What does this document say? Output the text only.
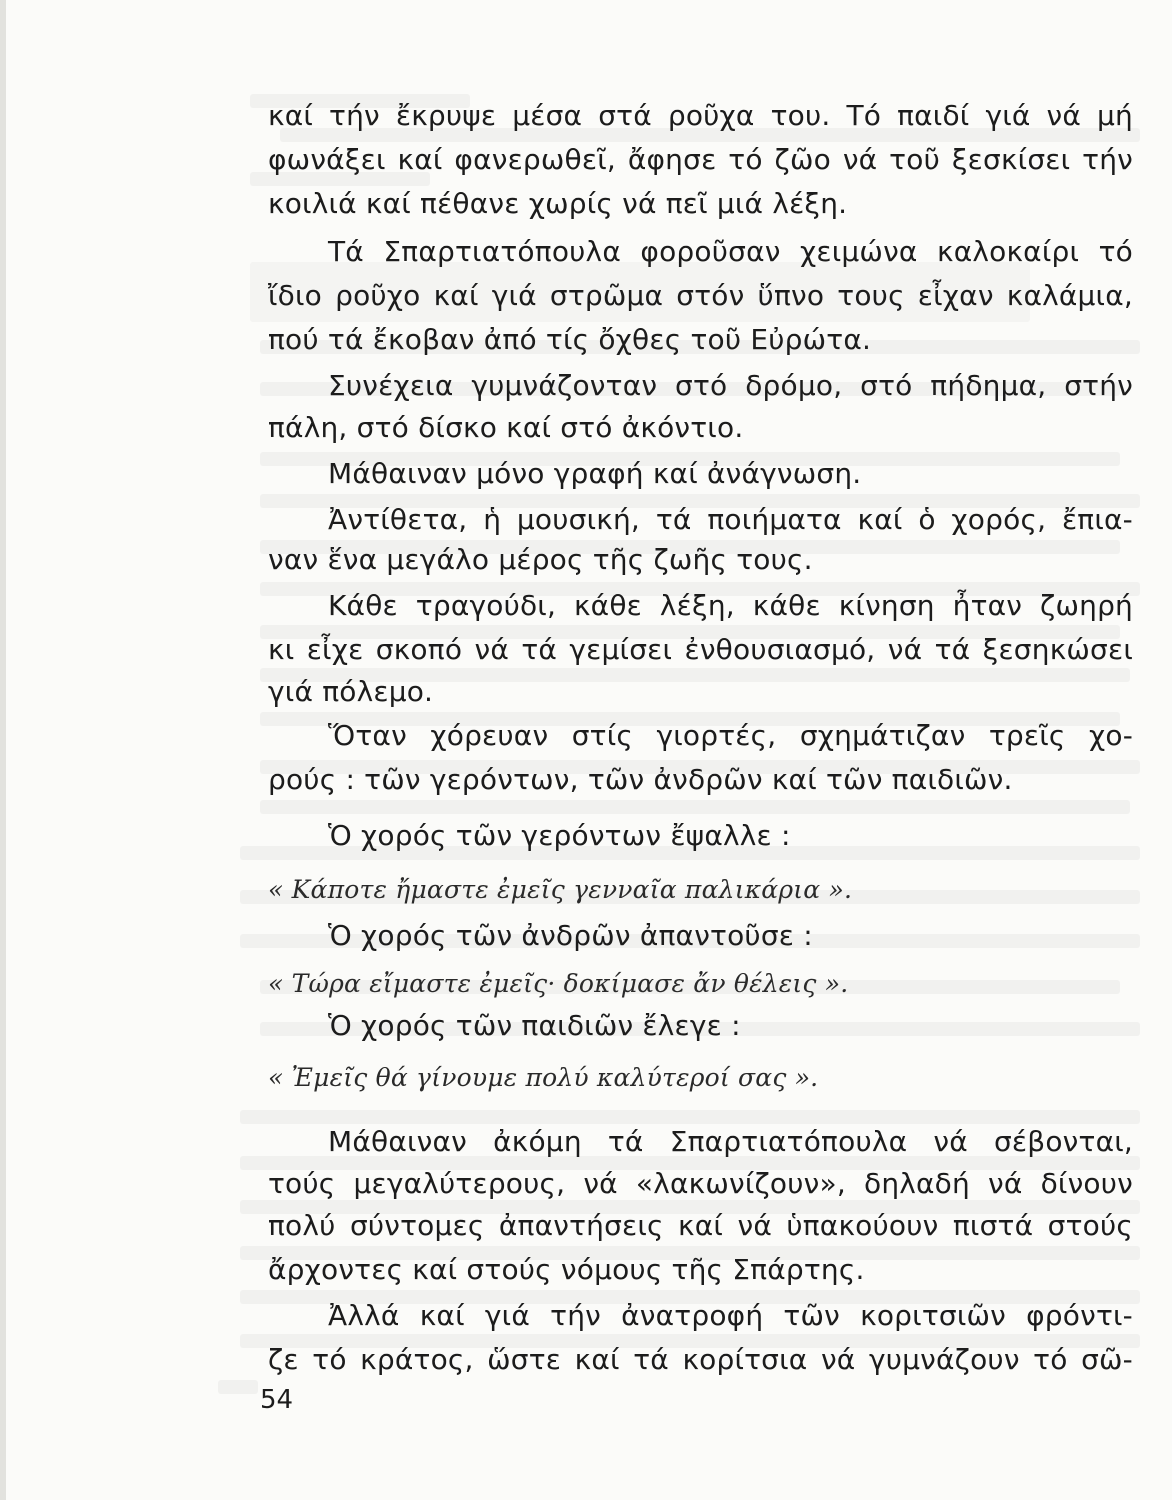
καί τήν ἔκρυψε μέσα στά ροῦχα του. Τό παιδί γιά νά μή
φωνάξει καί φανερωθεῖ, ἄφησε τό ζῶο νά τοῦ ξεσκίσει τήν
κοιλιά καί πέθανε χωρίς νά πεῖ μιά λέξη.
Τά Σπαρτιατόπουλα φοροῦσαν χειμώνα καλοκαίρι τό
ἴδιο ροῦχο καί γιά στρῶμα στόν ὕπνο τους εἶχαν καλάμια,
πού τά ἔκοβαν ἀπό τίς ὄχθες τοῦ Εὐρώτα.
Συνέχεια γυμνάζονταν στό δρόμο, στό πήδημα, στήν
πάλη, στό δίσκο καί στό ἀκόντιο.
Μάθαιναν μόνο γραφή καί ἀνάγνωση.
Ἀντίθετα, ἡ μουσική, τά ποιήματα καί ὁ χορός, ἔπια-
ναν ἕνα μεγάλο μέρος τῆς ζωῆς τους.
Κάθε τραγούδι, κάθε λέξη, κάθε κίνηση ἦταν ζωηρή
κι εἶχε σκοπό νά τά γεμίσει ἐνθουσιασμό, νά τά ξεσηκώσει
γιά πόλεμο.
Ὅταν χόρευαν στίς γιορτές, σχημάτιζαν τρεῖς χο-
ρούς : τῶν γερόντων, τῶν ἀνδρῶν καί τῶν παιδιῶν.
Ὁ χορός τῶν γερόντων ἔψαλλε :
« Κάποτε ἤμαστε ἐμεῖς γενναῖα παλικάρια ».
Ὁ χορός τῶν ἀνδρῶν ἀπαντοῦσε :
« Τώρα εἴμαστε ἐμεῖς· δοκίμασε ἄν θέλεις ».
Ὁ χορός τῶν παιδιῶν ἔλεγε :
« Ἐμεῖς θά γίνουμε πολύ καλύτεροί σας ».
Μάθαιναν ἀκόμη τά Σπαρτιατόπουλα νά σέβονται,
τούς μεγαλύτερους, νά «λακωνίζουν», δηλαδή νά δίνουν
πολύ σύντομες ἀπαντήσεις καί νά ὑπακούουν πιστά στούς
ἄρχοντες καί στούς νόμους τῆς Σπάρτης.
Ἀλλά καί γιά τήν ἀνατροφή τῶν κοριτσιῶν φρόντι-
ζε τό κράτος, ὥστε καί τά κορίτσια νά γυμνάζουν τό σῶ-
54
